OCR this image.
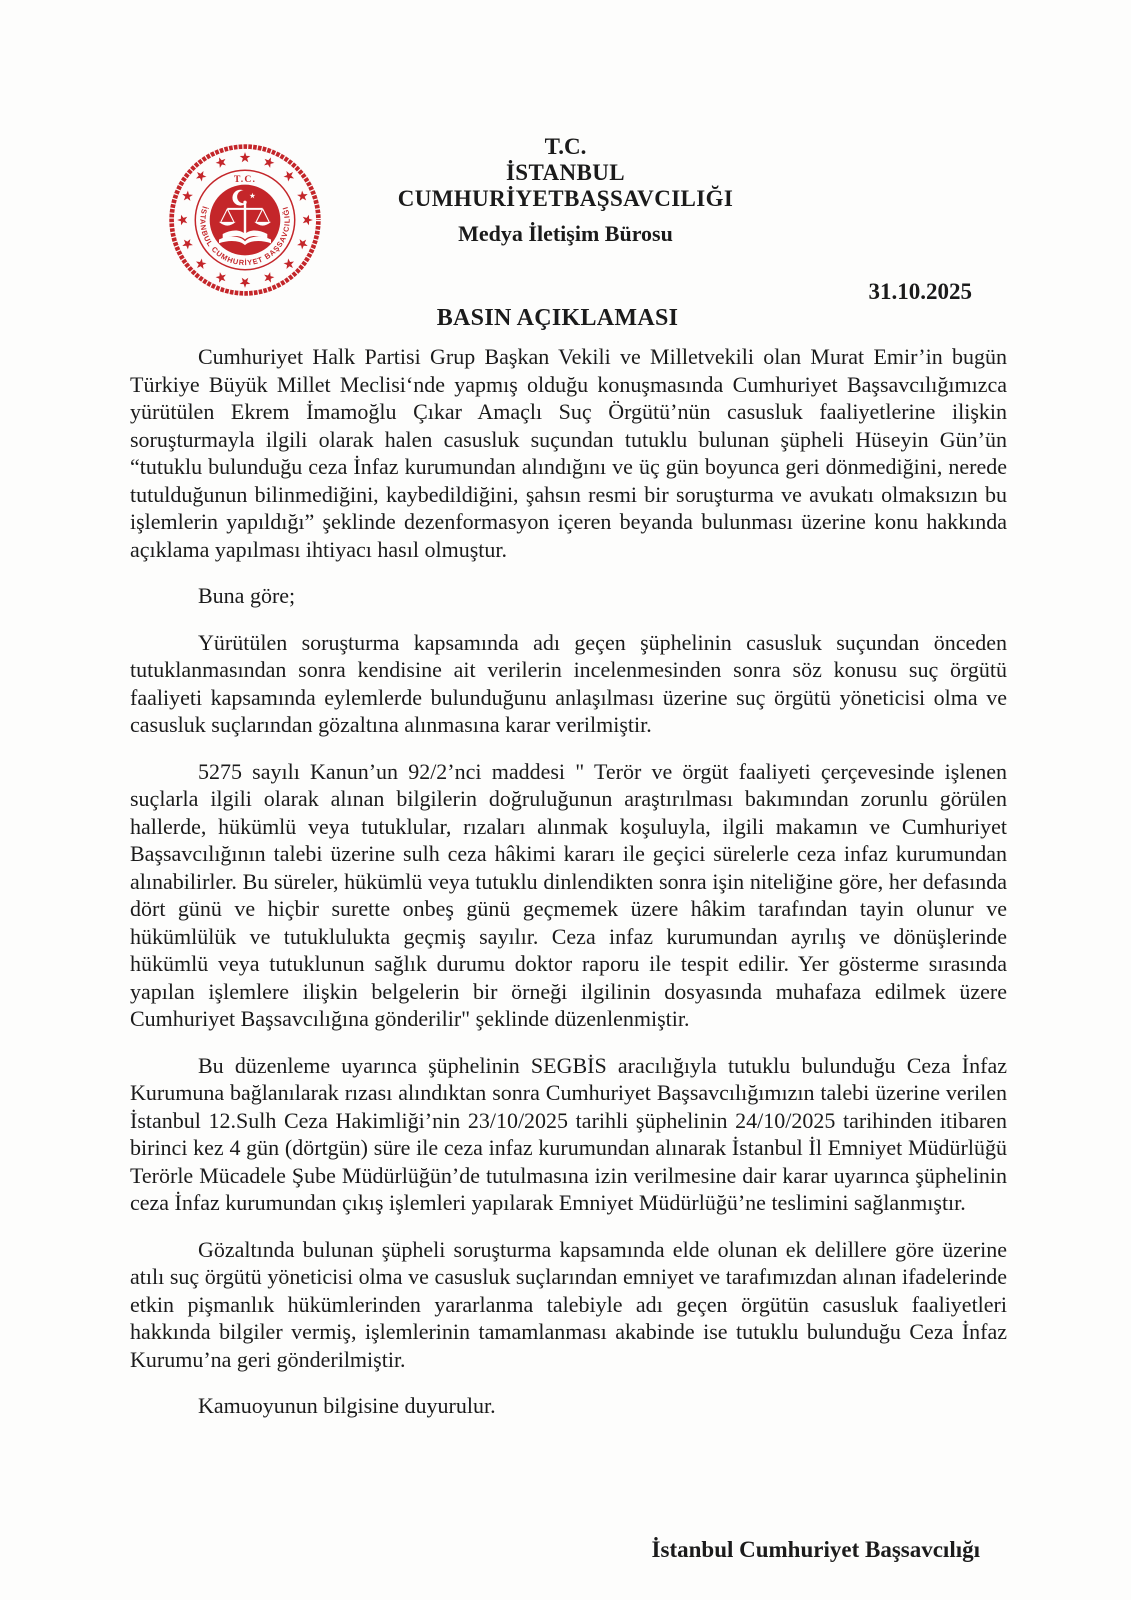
T.C.
İSTANBUL CUMHURİYET BAŞSAVCILIĞI
T.C.
İSTANBUL
CUMHURİYETBAŞSAVCILIĞI
Medya İletişim Bürosu
31.10.2025
BASIN AÇIKLAMASI

Cumhuriyet Halk Partisi Grup Başkan Vekili ve Milletvekili olan Murat Emir’in bugün Türkiye Büyük Millet Meclisi‘nde yapmış olduğu konuşmasında Cumhuriyet Başsavcılığımızca yürütülen Ekrem İmamoğlu Çıkar Amaçlı Suç Örgütü’nün casusluk faaliyetlerine ilişkin soruşturmayla ilgili olarak halen casusluk suçundan tutuklu bulunan şüpheli Hüseyin Gün’ün “tutuklu bulunduğu ceza İnfaz kurumundan alındığını ve üç gün boyunca geri dönmediğini, nerede tutulduğunun bilinmediğini, kaybedildiğini, şahsın resmi bir soruşturma ve avukatı olmaksızın bu işlemlerin yapıldığı” şeklinde dezenformasyon içeren beyanda bulunması üzerine konu hakkında açıklama yapılması ihtiyacı hasıl olmuştur.

Buna göre;

Yürütülen soruşturma kapsamında adı geçen şüphelinin casusluk suçundan önceden tutuklanmasından sonra kendisine ait verilerin incelenmesinden sonra söz konusu suç örgütü faaliyeti kapsamında eylemlerde bulunduğunu anlaşılması üzerine suç örgütü yöneticisi olma ve casusluk suçlarından gözaltına alınmasına karar verilmiştir.

5275 sayılı Kanun’un 92/2’nci maddesi " Terör ve örgüt faaliyeti çerçevesinde işlenen suçlarla ilgili olarak alınan bilgilerin doğruluğunun araştırılması bakımından zorunlu görülen hallerde, hükümlü veya tutuklular, rızaları alınmak koşuluyla, ilgili makamın ve Cumhuriyet Başsavcılığının talebi üzerine sulh ceza hâkimi kararı ile geçici sürelerle ceza infaz kurumundan alınabilirler. Bu süreler, hükümlü veya tutuklu dinlendikten sonra işin niteliğine göre, her defasında dört günü ve hiçbir surette onbeş günü geçmemek üzere hâkim tarafından tayin olunur ve hükümlülük ve tutuklulukta geçmiş sayılır. Ceza infaz kurumundan ayrılış ve dönüşlerinde hükümlü veya tutuklunun sağlık durumu doktor raporu ile tespit edilir. Yer gösterme sırasında yapılan işlemlere ilişkin belgelerin bir örneği ilgilinin dosyasında muhafaza edilmek üzere Cumhuriyet Başsavcılığına gönderilir" şeklinde düzenlenmiştir.

Bu düzenleme uyarınca şüphelinin SEGBİS aracılığıyla tutuklu bulunduğu Ceza İnfaz Kurumuna bağlanılarak rızası alındıktan sonra Cumhuriyet Başsavcılığımızın talebi üzerine verilen İstanbul 12.Sulh Ceza Hakimliği’nin 23/10/2025 tarihli şüphelinin 24/10/2025 tarihinden itibaren birinci kez 4 gün (dörtgün) süre ile ceza infaz kurumundan alınarak İstanbul İl Emniyet Müdürlüğü Terörle Mücadele Şube Müdürlüğün’de tutulmasına izin verilmesine dair karar uyarınca şüphelinin ceza İnfaz kurumundan çıkış işlemleri yapılarak Emniyet Müdürlüğü’ne teslimini sağlanmıştır.

Gözaltında bulunan şüpheli soruşturma kapsamında elde olunan ek delillere göre üzerine atılı suç örgütü yöneticisi olma ve casusluk suçlarından emniyet ve tarafımızdan alınan ifadelerinde etkin pişmanlık hükümlerinden yararlanma talebiyle adı geçen örgütün casusluk faaliyetleri hakkında bilgiler vermiş, işlemlerinin tamamlanması akabinde ise tutuklu bulunduğu Ceza İnfaz Kurumu’na geri gönderilmiştir.

Kamuoyunun bilgisine duyurulur.

İstanbul Cumhuriyet Başsavcılığı
